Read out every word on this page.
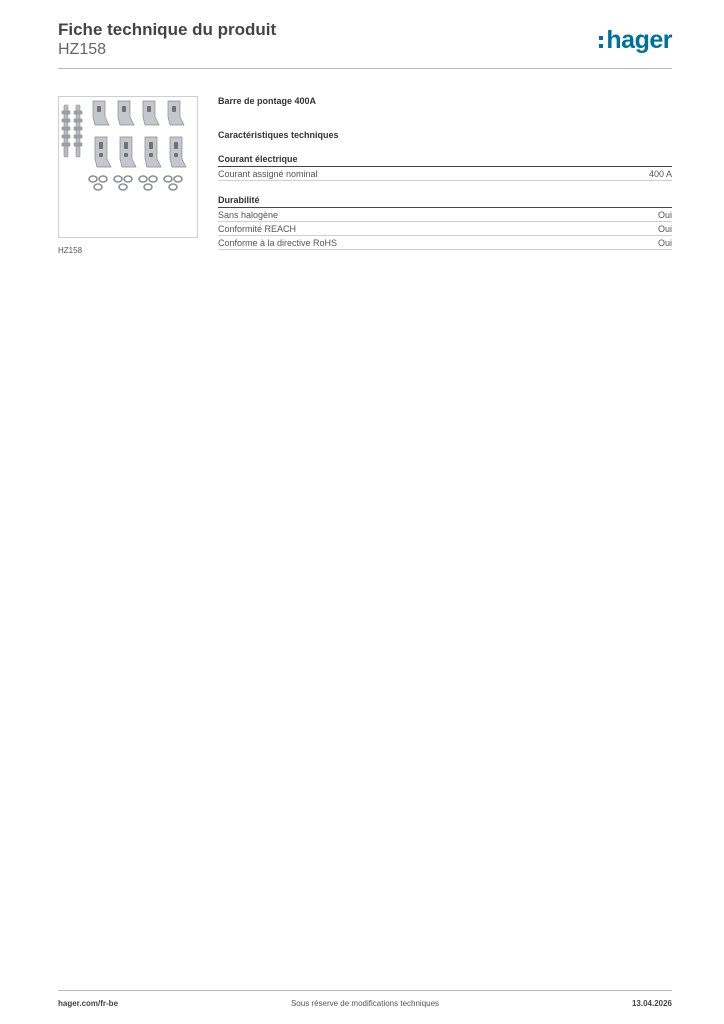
Fiche technique du produit
HZ158	hager
HZ158
Barre de pontage 400A
Caractéristiques techniques
Courant électrique
Courant assigné nominal	400 A
Durabilité
Sans halogène	Oui
Conformité REACH	Oui
Conforme à la directive RoHS	Oui
hager.com/fr-be	Sous réserve de modifications techniques	13.04.2026
